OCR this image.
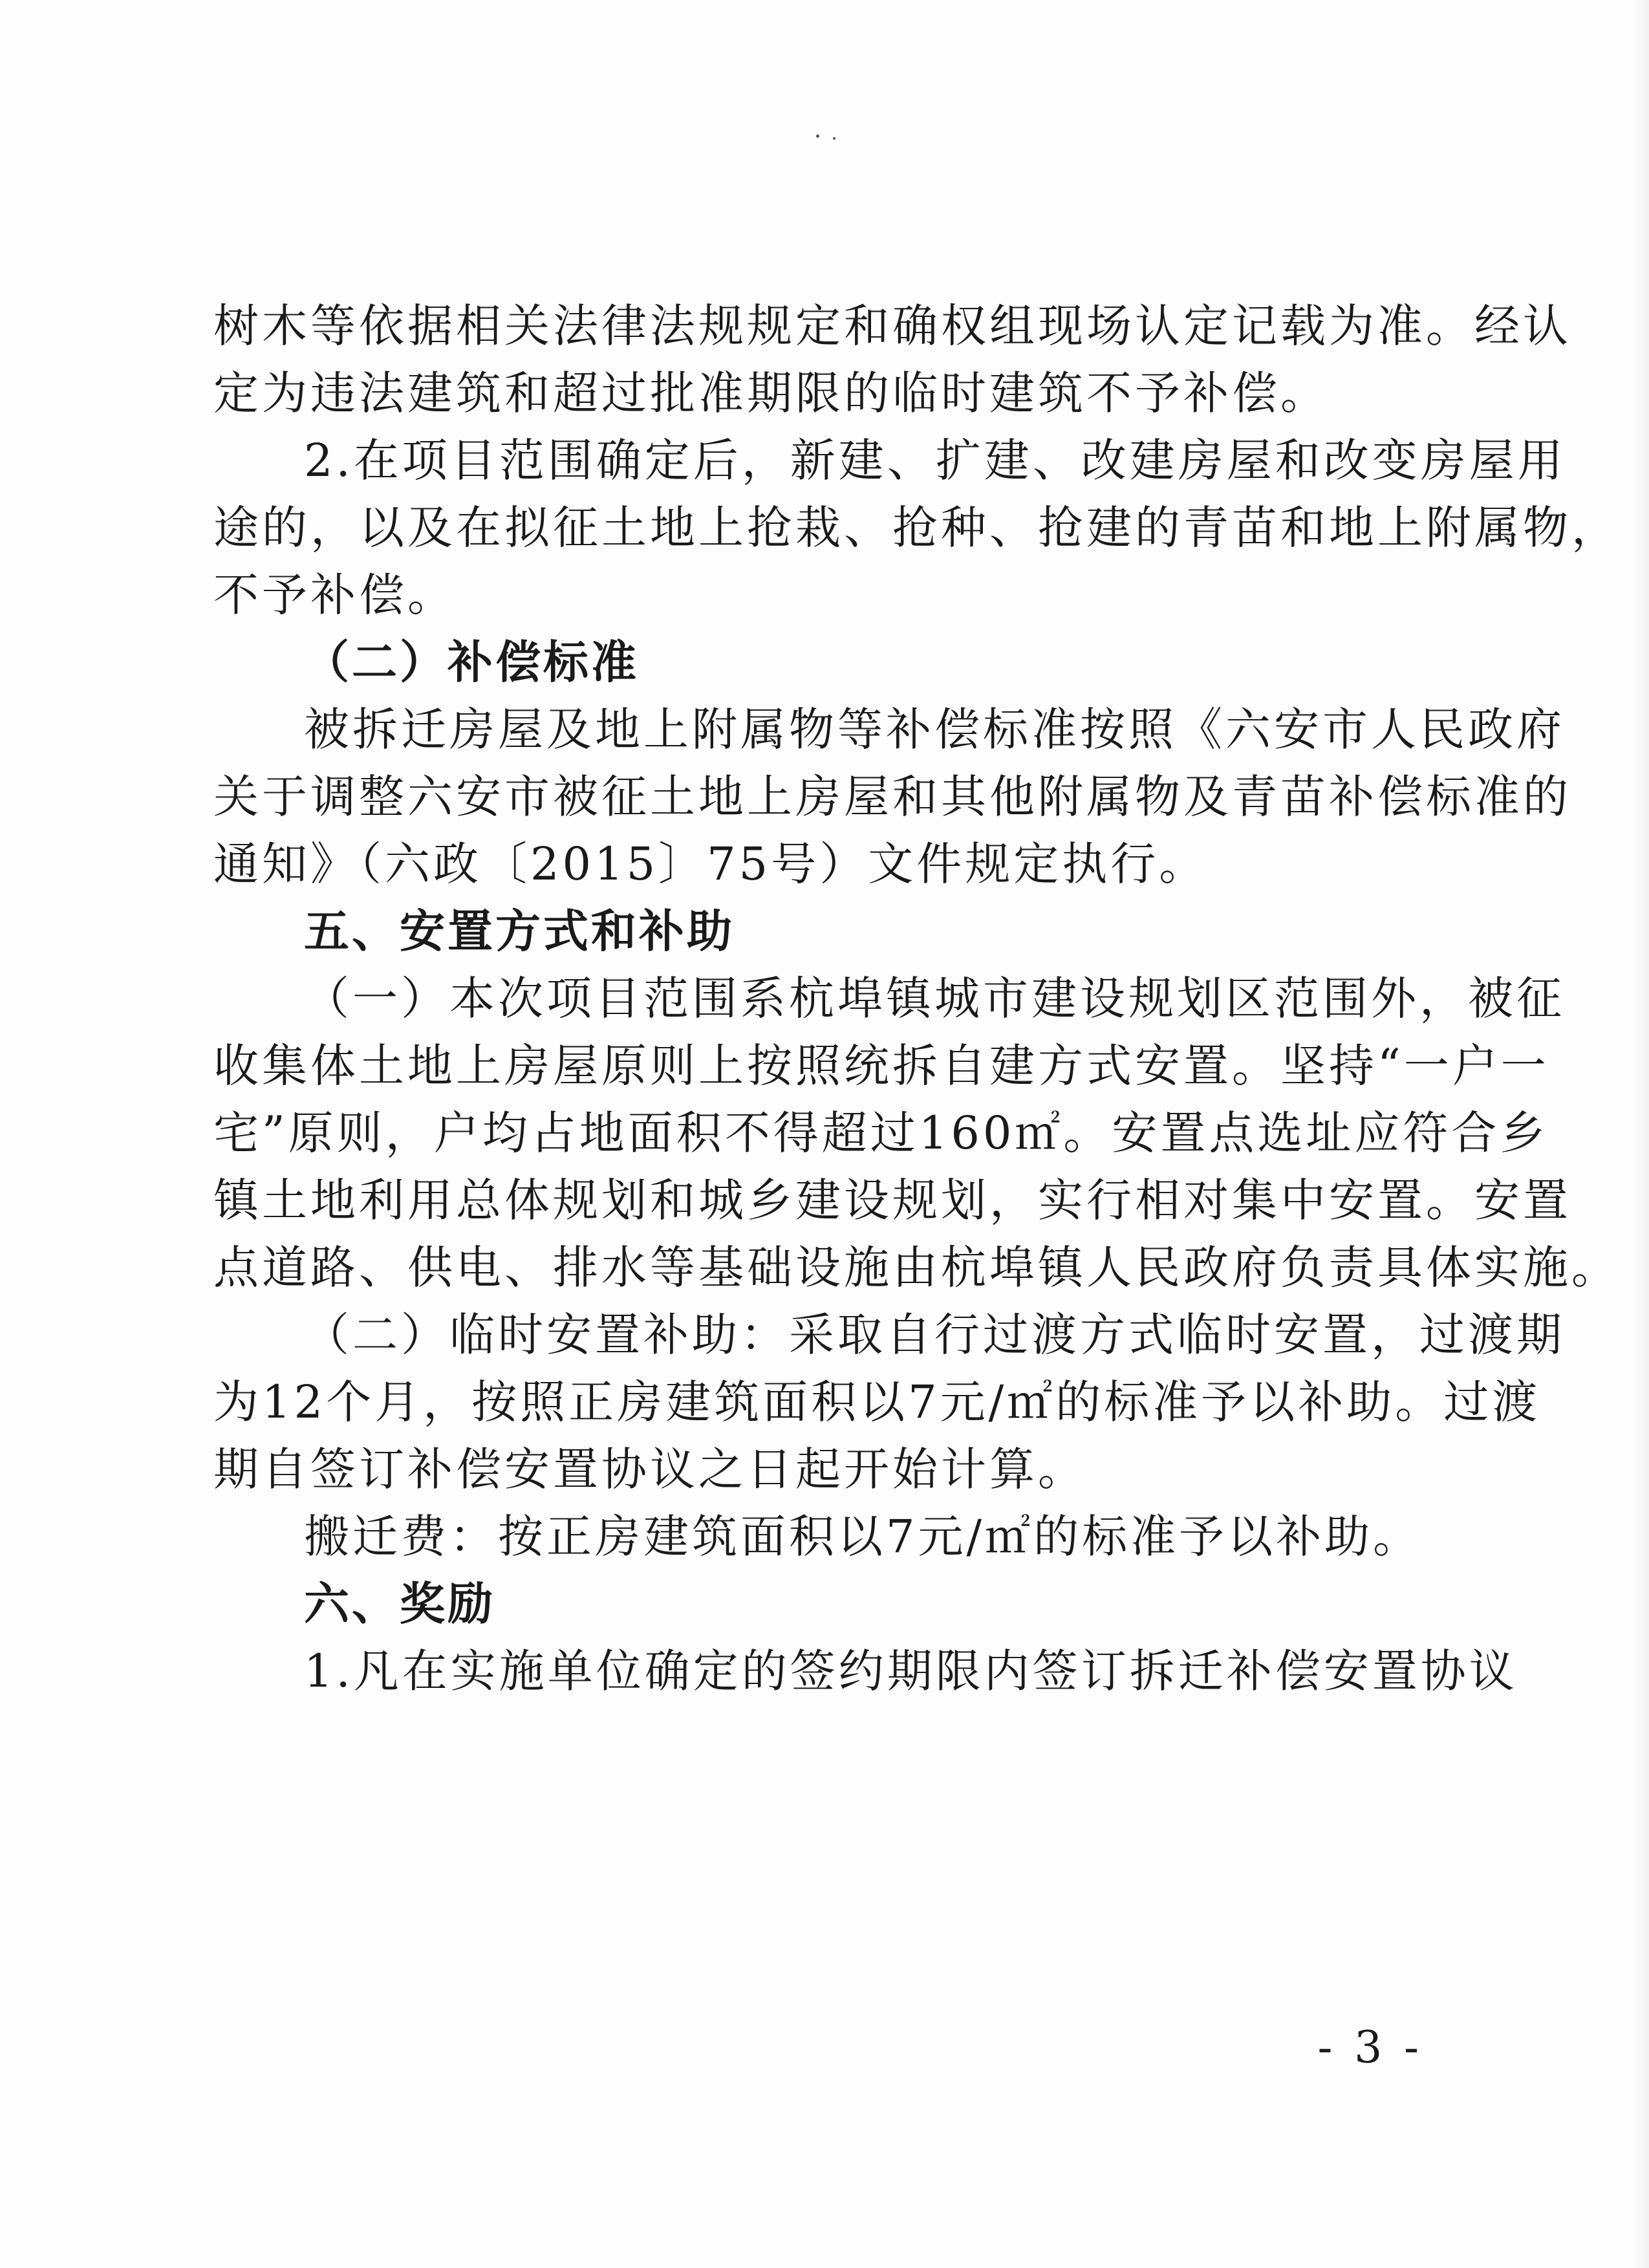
树木等依据相关法律法规规定和确权组现场认定记载为准。经认
定为违法建筑和超过批准期限的临时建筑不予补偿。
2.在项目范围确定后，新建、扩建、改建房屋和改变房屋用
途的，以及在拟征土地上抢栽、抢种、抢建的青苗和地上附属物，
不予补偿。
（二）补偿标准
被拆迁房屋及地上附属物等补偿标准按照《六安市人民政府
关于调整六安市被征土地上房屋和其他附属物及青苗补偿标准的
通知》（六政〔2015〕75号）文件规定执行。
五、安置方式和补助
（一）本次项目范围系杭埠镇城市建设规划区范围外，被征
收集体土地上房屋原则上按照统拆自建方式安置。坚持“一户一
宅”原则，户均占地面积不得超过160㎡。安置点选址应符合乡
镇土地利用总体规划和城乡建设规划，实行相对集中安置。安置
点道路、供电、排水等基础设施由杭埠镇人民政府负责具体实施。
（二）临时安置补助：采取自行过渡方式临时安置，过渡期
为12个月，按照正房建筑面积以7元/㎡的标准予以补助。过渡
期自签订补偿安置协议之日起开始计算。
搬迁费：按正房建筑面积以7元/㎡的标准予以补助。
六、奖励
1.凡在实施单位确定的签约期限内签订拆迁补偿安置协议
- 3 -
